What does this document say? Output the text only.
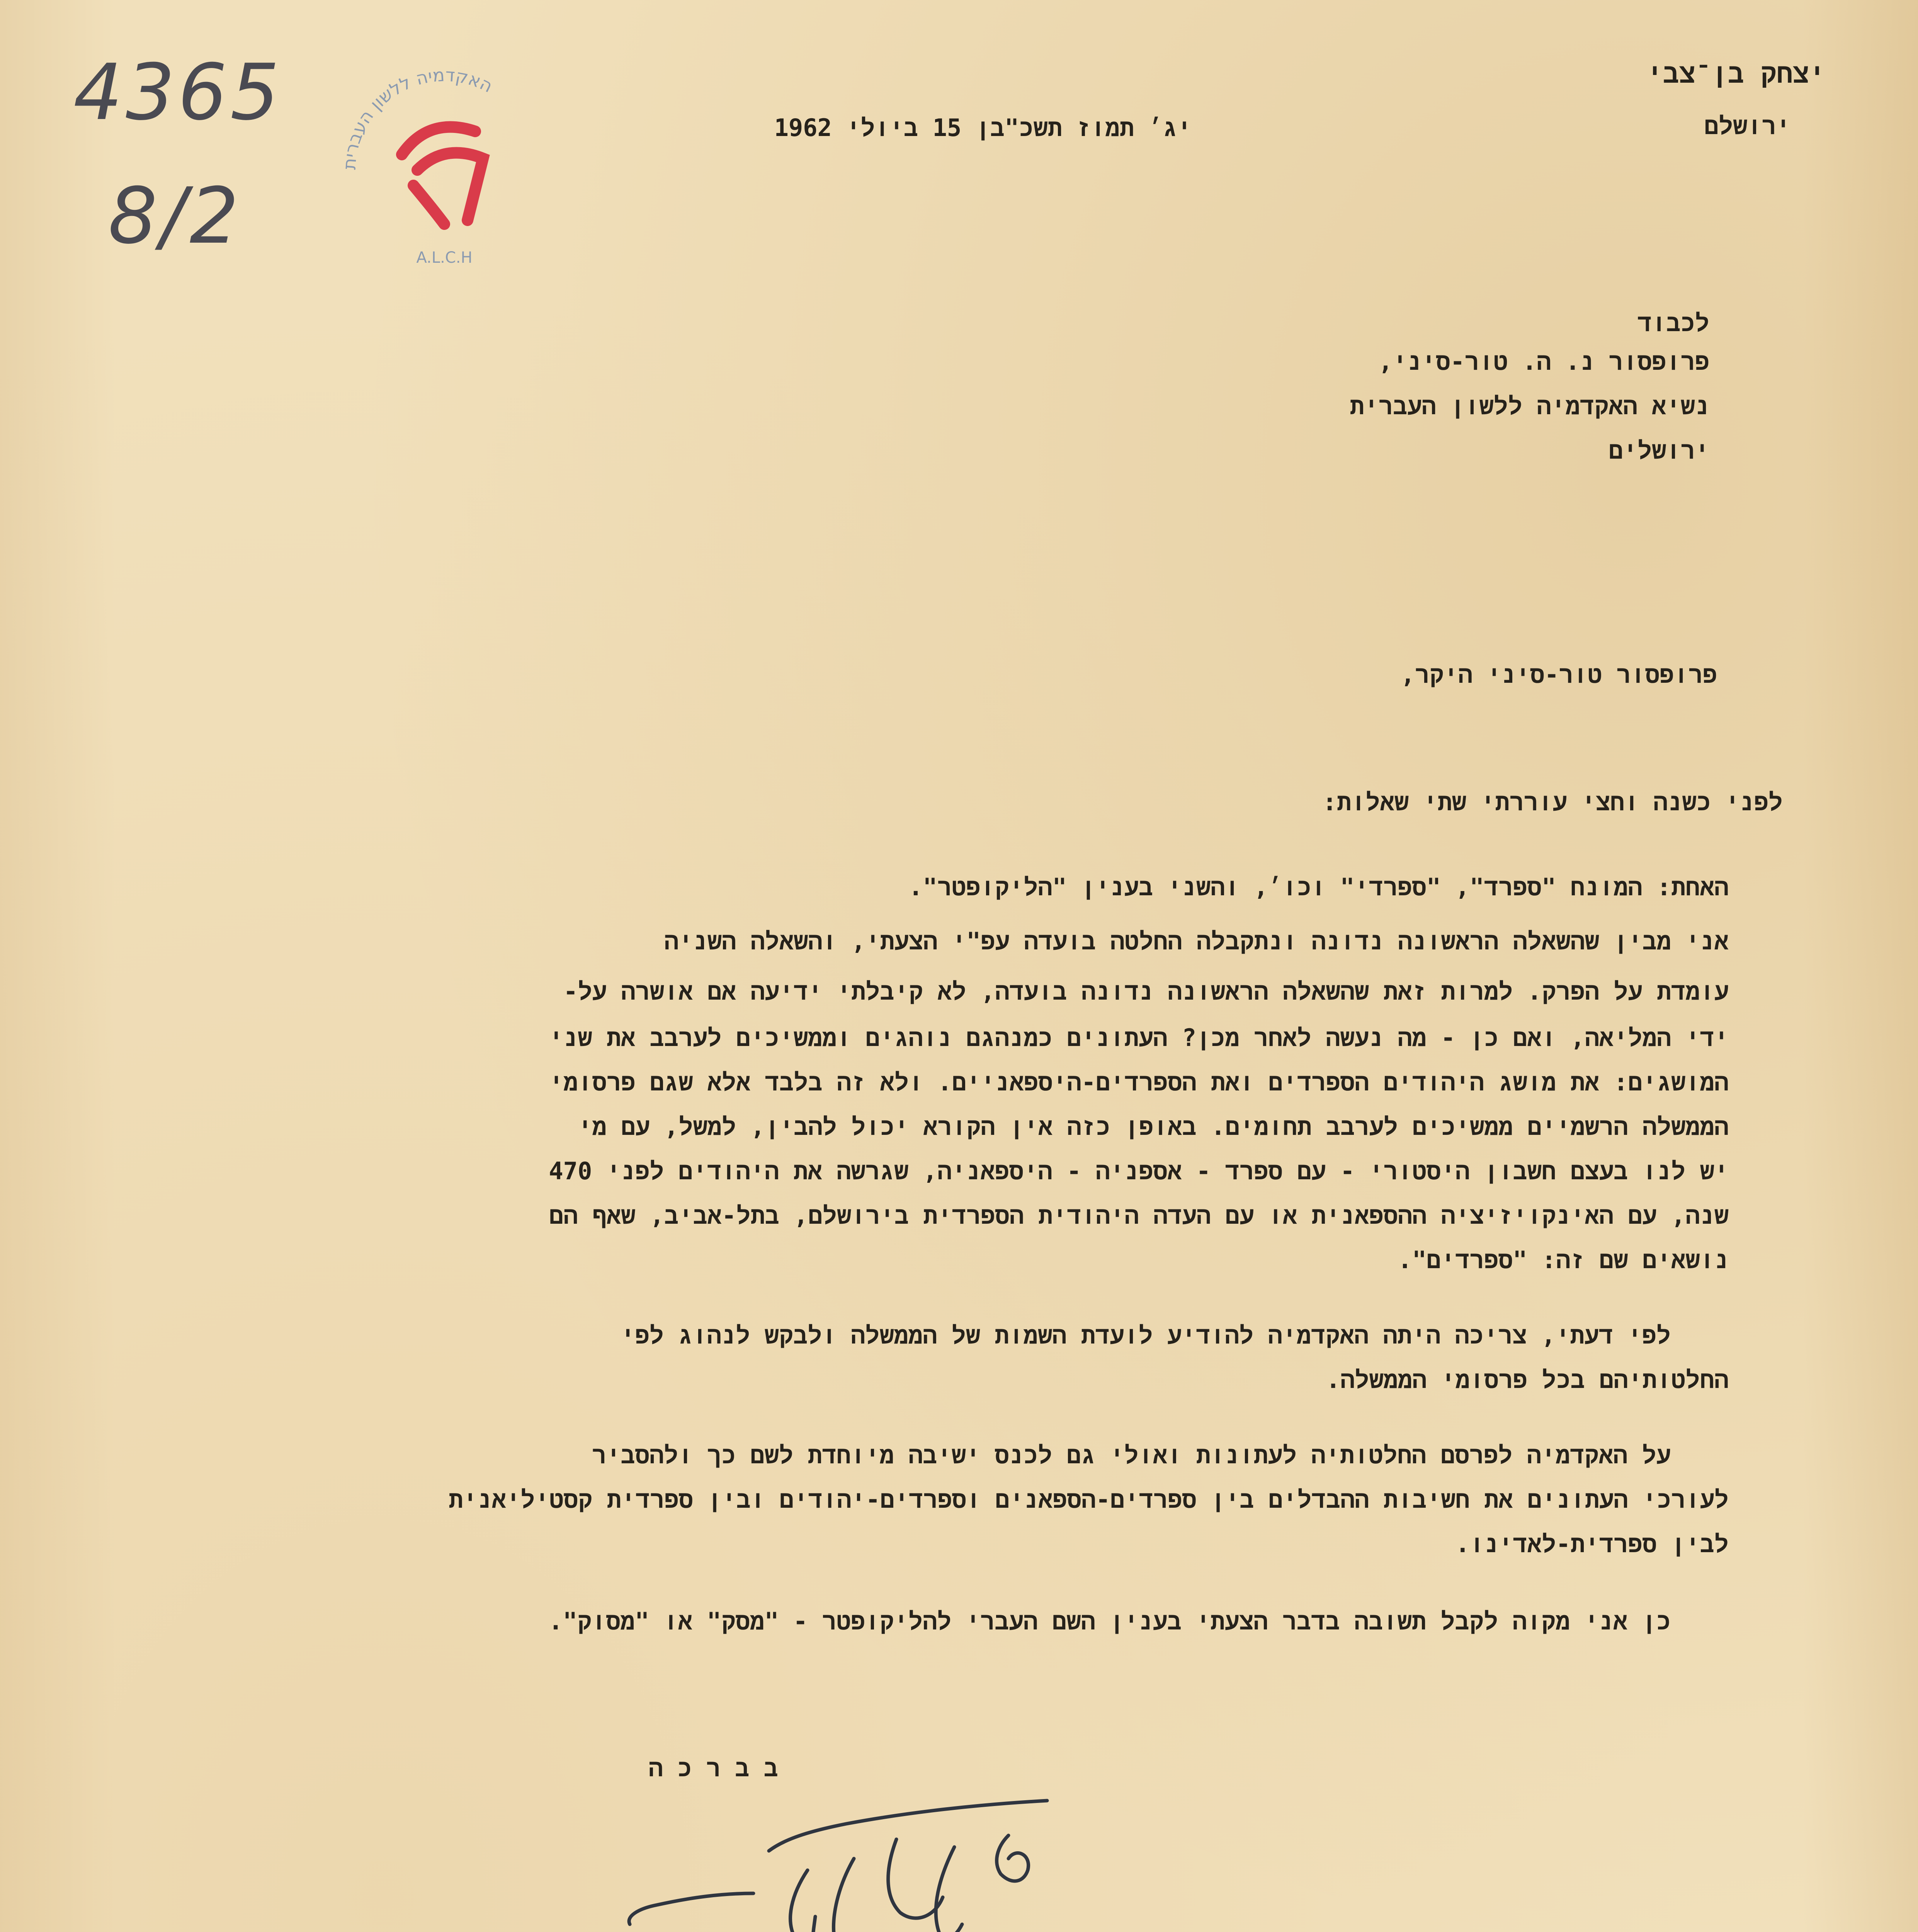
4365
8/2
האקדמיה ללשון העברית
A.L.C.H
יצחק בן־צבי
ירושלם
יג׳ תמוז תשכ"בן 15 ביולי 1962
לכבוד
פרופסור נ. ה. טור-סיני,
נשיא האקדמיה ללשון העברית
ירושלים
פרופסור טור-סיני היקר,
לפני כשנה וחצי עוררתי שתי שאלות:
האחת: המונח "ספרד", "ספרדי" וכו׳, והשני בענין "הליקופטר".
אני מבין שהשאלה הראשונה נדונה ונתקבלה החלטה בועדה עפ"י הצעתי, והשאלה השניה
עומדת על הפרק. למרות זאת שהשאלה הראשונה נדונה בועדה, לא קיבלתי ידיעה אם אושרה על-
ידי המליאה, ואם כן - מה נעשה לאחר מכן? העתונים כמנהגם נוהגים וממשיכים לערבב את שני
המושגים: את מושג היהודים הספרדים ואת הספרדים-היספאניים. ולא זה בלבד אלא שגם פרסומי
הממשלה הרשמיים ממשיכים לערבב תחומים. באופן כזה אין הקורא יכול להבין, למשל, עם מי
יש לנו בעצם חשבון היסטורי - עם ספרד - אספניה - היספאניה, שגרשה את היהודים לפני 470
שנה, עם האינקויזיציה ההספאנית או עם העדה היהודית הספרדית בירושלם, בתל-אביב, שאף הם
נושאים שם זה: "ספרדים".
לפי דעתי, צריכה היתה האקדמיה להודיע לועדת השמות של הממשלה ולבקש לנהוג לפי
החלטותיהם בכל פרסומי הממשלה.
על האקדמיה לפרסם החלטותיה לעתונות ואולי גם לכנס ישיבה מיוחדת לשם כך ולהסביר
לעורכי העתונים את חשיבות ההבדלים בין ספרדים-הספאנים וספרדים-יהודים ובין ספרדית קסטיליאנית
לבין ספרדית-לאדינו.
כן אני מקוה לקבל תשובה בדבר הצעתי בענין השם העברי להליקופטר - "מסק" או "מסוק".
ב ב ר כ ה
